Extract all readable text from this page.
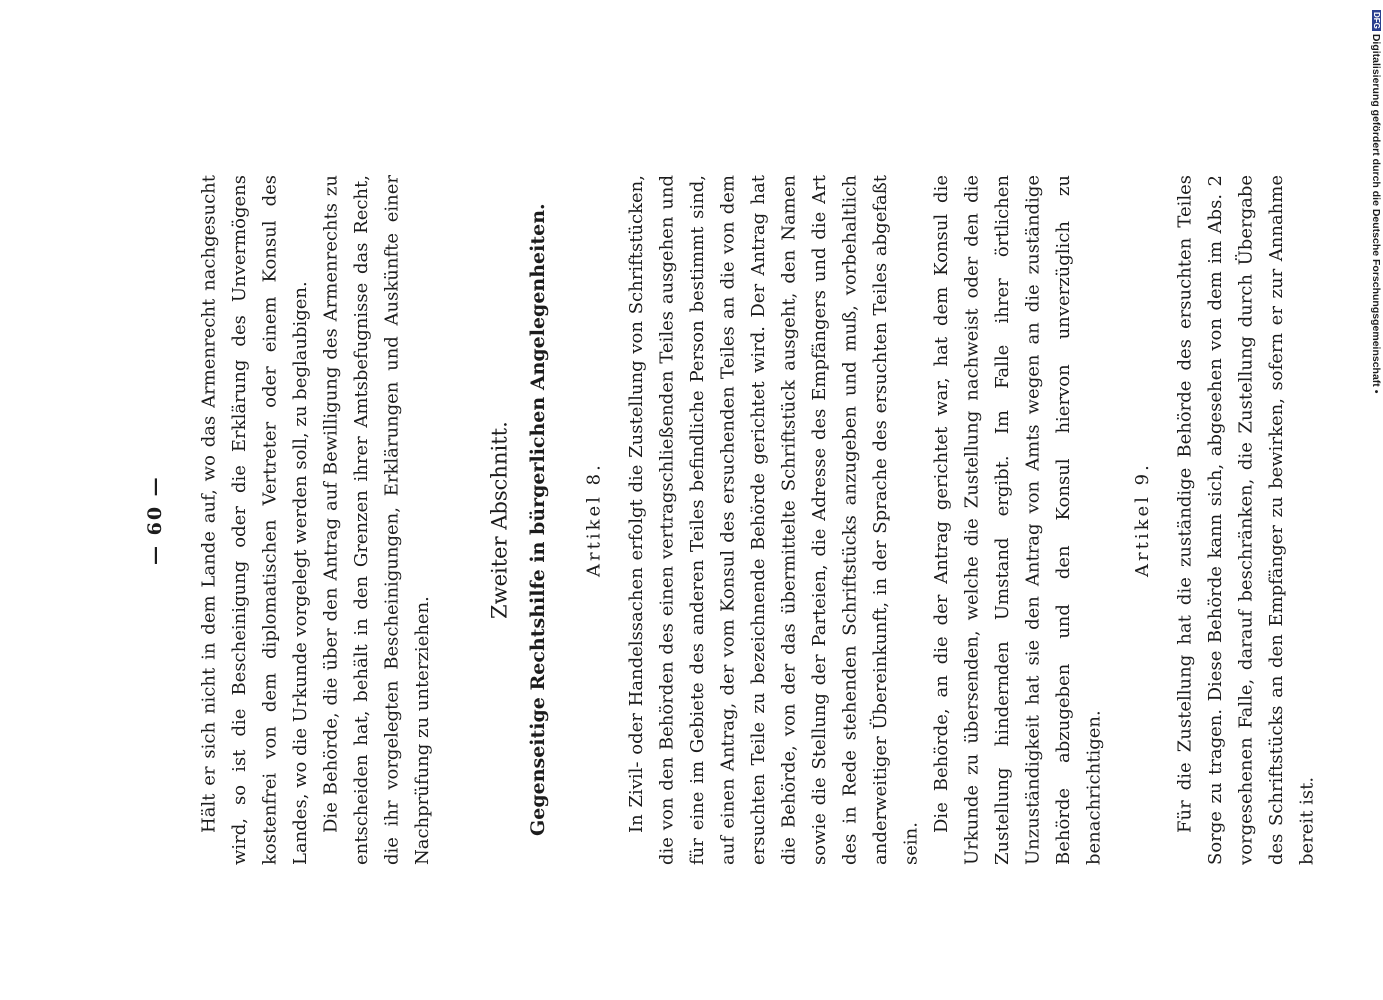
— 60 — Hält er sich nicht in dem Lande auf, wo das Armenrecht nachgesucht wird, so ist die Bescheinigung oder die Erklärung des Unvermögens kostenfrei von dem diplomatischen Vertreter oder einem Konsul des Landes, wo die Urkunde vorgelegt werden soll, zu beglaubigen. Die Behörde, die über den Antrag auf Bewilligung des Armenrechts zu entscheiden hat, behält in den Grenzen ihrer Amtsbefugnisse das Recht, die ihr vorgelegten Bescheinigungen, Erklärungen und Auskünfte einer Nachprüfung zu unterziehen.

Zweiter Abschnitt. Gegenseitige Rechtshilfe in bürgerlichen Angelegenheiten. Artikel 8.	In Zivil- oder Handelssachen erfolgt die Zustellung von Schriftstücken, die von den Behörden des einen vertragschließenden Teiles ausgehen und für eine im Gebiete des anderen Teiles befindliche Person bestimmt sind, auf einen Antrag, der vom Konsul des ersuchenden Teiles an die von dem ersuchten Teile zu bezeichnende Behörde gerichtet wird. Der Antrag hat die Behörde, von der das übermittelte Schriftstück ausgeht, den Namen sowie die Stellung der Parteien, die Adresse des Empfängers und die Art des in Rede stehenden Schriftstücks anzugeben und muß, vorbehaltlich anderweitiger Übereinkunft, in der Sprache des ersuchten Teiles abgefaßt sein.

Die Behörde, an die der Antrag gerichtet war, hat dem Konsul die Urkunde zu übersenden, welche die Zustellung nachweist oder den die Zustellung hindernden Umstand ergibt. Im Falle ihrer örtlichen Unzuständigkeit hat sie den Antrag von Amts wegen an die zuständige Behörde abzugeben und den Konsul hiervon unverzüglich zu benachrichtigen.

Artikel 9.	Für die Zustellung hat die zuständige Behörde des ersuchten Teiles Sorge zu tragen. Diese Behörde kann sich, abgesehen von dem im Abs. 2 vorgesehenen Falle, darauf beschränken, die Zustellung durch Übergabe des Schriftstücks an den Empfänger zu bewirken, sofern er zur Annahme bereit ist.

DFG Digitalisierung gefördert durch die Deutsche Forschungsgemeinschaft •
